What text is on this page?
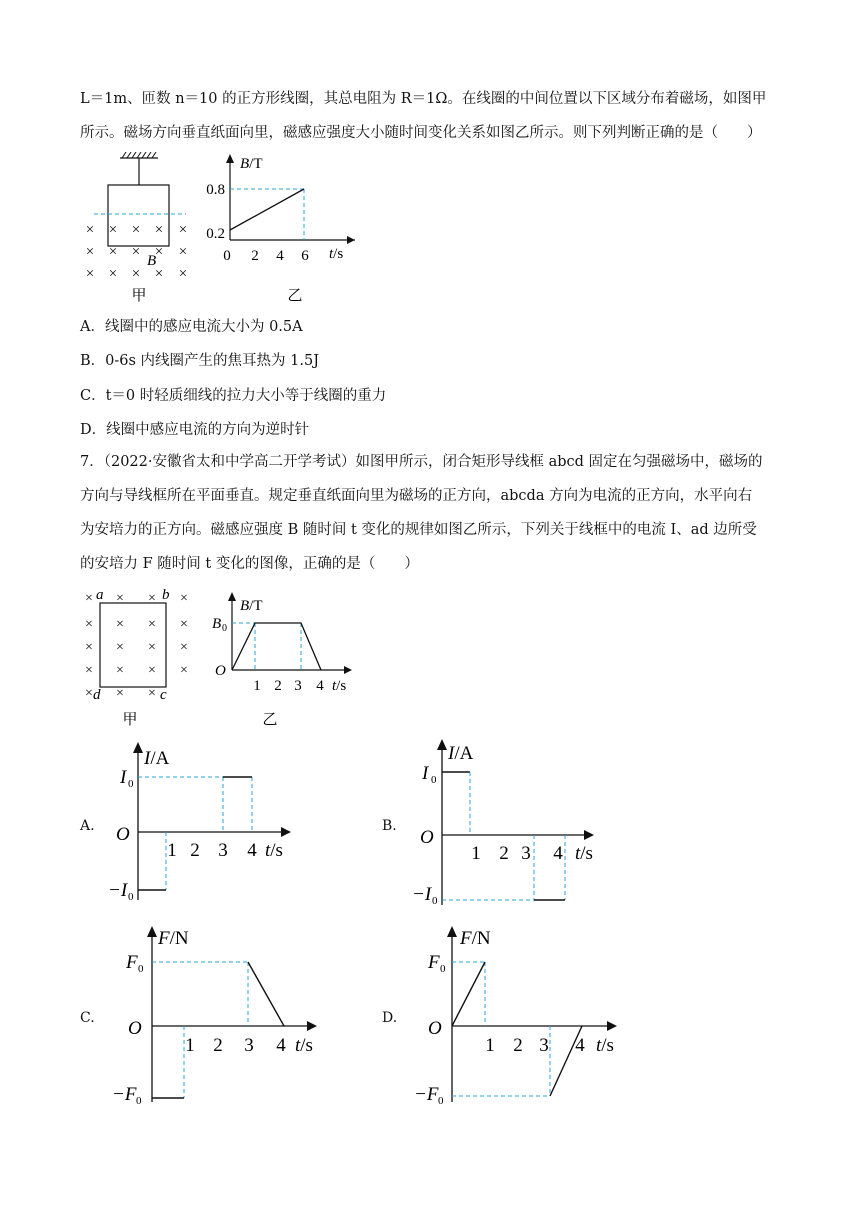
L＝1m、匝数 n＝10 的正方形线圈，其总电阻为 R＝1Ω。在线圈的中间位置以下区域分布着磁场，如图甲
所示。磁场方向垂直纸面向里，磁感应强度大小随时间变化关系如图乙所示。则下列判断正确的是（　　）
× × × × ×
× × × × ×
× × × × ×
B
甲
B/T
t/s
0.8
0.2
0 2 4 6
乙
A．线圈中的感应电流大小为 0.5A
B．0-6s 内线圈产生的焦耳热为 1.5J
C．t＝0 时轻质细线的拉力大小等于线圈的重力
D．线圈中感应电流的方向为逆时针
7．（2022·安徽省太和中学高二开学考试）如图甲所示，闭合矩形导线框 abcd 固定在匀强磁场中，磁场的
方向与导线框所在平面垂直。规定垂直纸面向里为磁场的正方向，abcda 方向为电流的正方向，水平向右
为安培力的正方向。磁感应强度 B 随时间 t 变化的规律如图乙所示，下列关于线框中的电流 I、ad 边所受
的安培力 F 随时间 t 变化的图像，正确的是（　　）
× × × ×
× × × ×
× × × ×
× × × ×
× × ×
a	b
c
d
甲
B/T
t/s
B 0
O
1 2 3 4
乙
A.
I/A
I 0
O
−I 0
1 2 3 4 t/s
B.
I/A
I 0
O
−I 0
1 2 3 4 t/s
C.
F/N
F 0
O
−F 0
1 2 3 4 t/s
D.
F/N
F 0
O
−F 0
1 2 3 4 t/s
